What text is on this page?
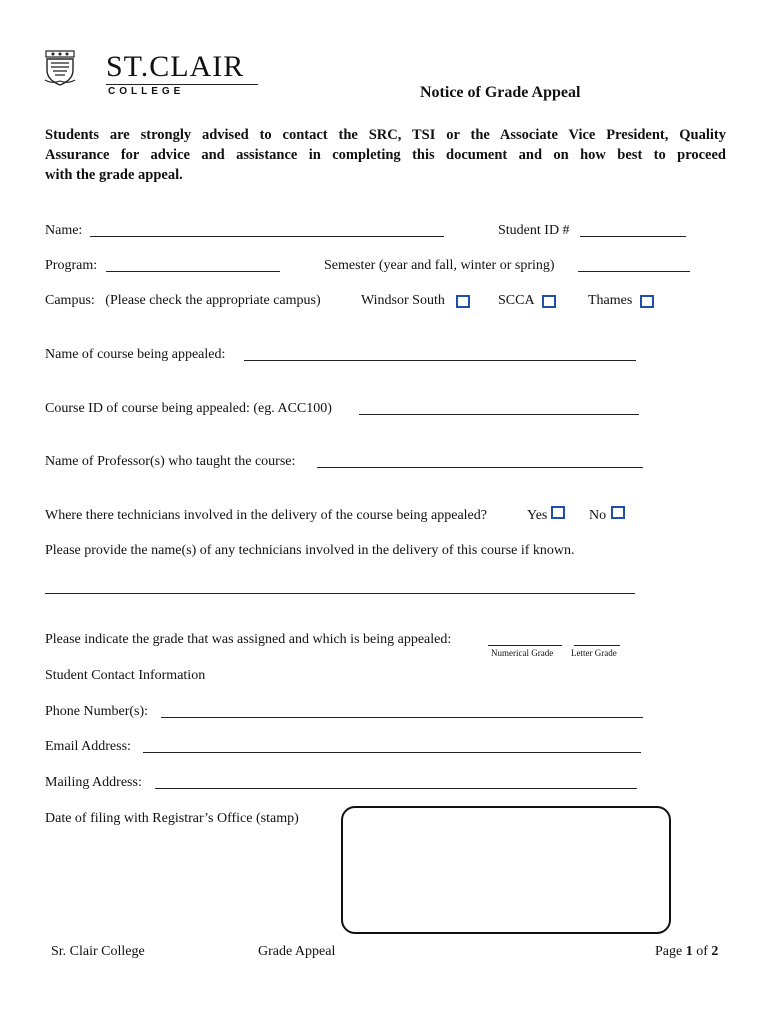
ST.CLAIR
COLLEGE	Notice of Grade Appeal
Students are strongly advised to contact the SRC, TSI or the Associate Vice President, Quality
Assurance for advice and assistance in completing this document and on how best to proceed
with the grade appeal.
Name:	Student ID #
Program:	Semester (year and fall, winter or spring)
Campus:   (Please check the appropriate campus)	Windsor South	SCCA	Thames
Name of course being appealed:
Course ID of course being appealed: (eg. ACC100)
Name of Professor(s) who taught the course:
Where there technicians involved in the delivery of the course being appealed?	Yes	No
Please provide the name(s) of any technicians involved in the delivery of this course if known.
Please indicate the grade that was assigned and which is being appealed:
Numerical Grade Letter Grade
Student Contact Information
Phone Number(s):
Email Address:
Mailing Address:
Date of filing with Registrar’s Office (stamp)
Sr. Clair College	Grade Appeal	Page 1 of 2
